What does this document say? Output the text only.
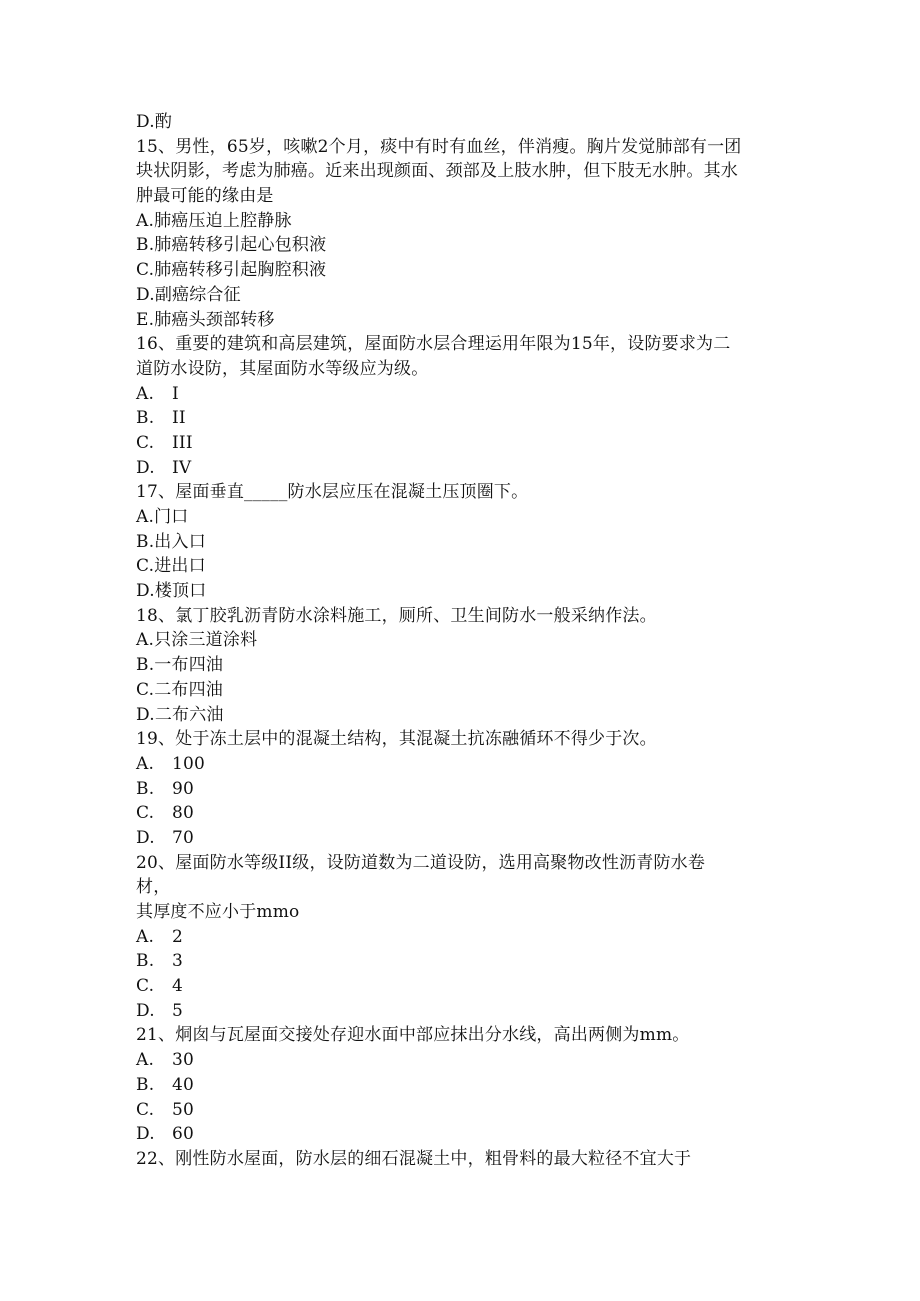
D.酌
15、男性，65岁，咳嗽2个月，痰中有时有血丝，伴消瘦。胸片发觉肺部有一团
块状阴影，考虑为肺癌。近来出现颜面、颈部及上肢水肿，但下肢无水肿。其水
肿最可能的缘由是
A.肺癌压迫上腔静脉
B.肺癌转移引起心包积液
C.肺癌转移引起胸腔积液
D.副癌综合征
E.肺癌头颈部转移
16、重要的建筑和高层建筑，屋面防水层合理运用年限为15年，设防要求为二
道防水设防，其屋面防水等级应为级。
A. I
B. II
C. III
D. IV
17、屋面垂直_____防水层应压在混凝土压顶圈下。
A.门口
B.出入口
C.进出口
D.楼顶口
18、氯丁胶乳沥青防水涂料施工，厕所、卫生间防水一般采纳作法。
A.只涂三道涂料
B.一布四油
C.二布四油
D.二布六油
19、处于冻土层中的混凝土结构，其混凝土抗冻融循环不得少于次。
A. 100
B. 90
C. 80
D. 70
20、屋面防水等级II级，设防道数为二道设防，选用高聚物改性沥青防水卷
材，
其厚度不应小于mmo
A. 2
B. 3
C. 4
D. 5
21、烔囱与瓦屋面交接处存迎水面中部应抹出分水线，高出两侧为mm。
A. 30
B. 40
C. 50
D. 60
22、刚性防水屋面，防水层的细石混凝土中，粗骨料的最大粒径不宜大于
